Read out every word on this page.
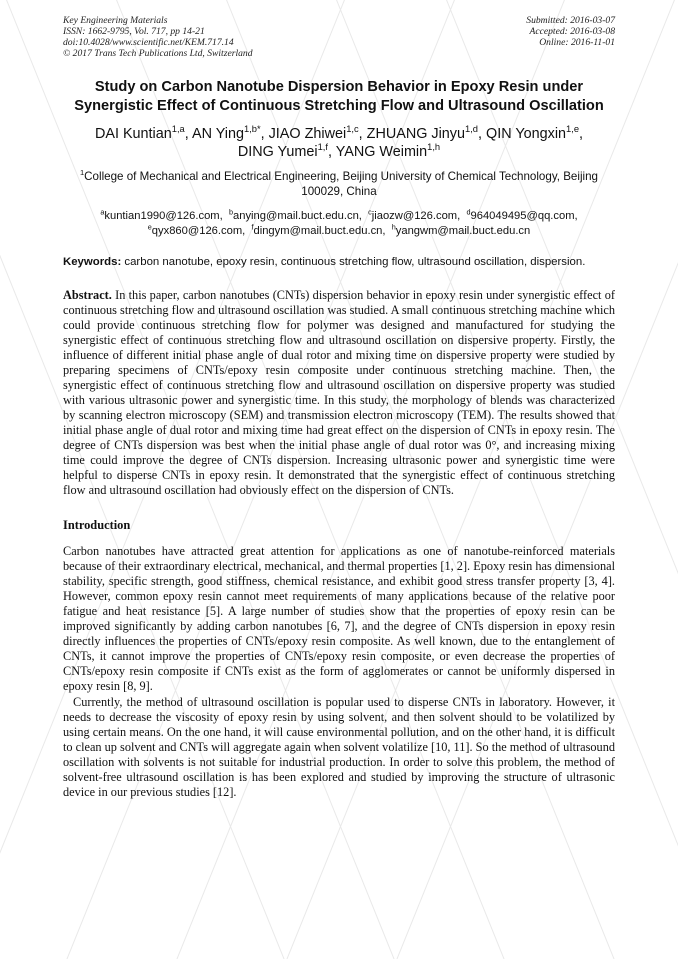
Key Engineering Materials
ISSN: 1662-9795, Vol. 717, pp 14-21
doi:10.4028/www.scientific.net/KEM.717.14
© 2017 Trans Tech Publications Ltd, Switzerland
Submitted: 2016-03-07
Accepted: 2016-03-08
Online: 2016-11-01
Study on Carbon Nanotube Dispersion Behavior in Epoxy Resin under Synergistic Effect of Continuous Stretching Flow and Ultrasound Oscillation
DAI Kuntian$^{1,a}$, AN Ying$^{1,b*}$, JIAO Zhiwei$^{1,c}$, ZHUANG Jinyu$^{1,d}$, QIN Yongxin$^{1,e}$,
DING Yumei$^{1,f}$, YANG Weimin$^{1,h}$
$^1$College of Mechanical and Electrical Engineering, Beijing University of Chemical Technology, Beijing 100029, China
$^a$kuntian1990@126.com, $^b$anying@mail.buct.edu.cn, $^c$jiaozw@126.com, $^d$964049495@qq.com,
$^e$qyx860@126.com, $^f$dingym@mail.buct.edu.cn, $^h$yangwm@mail.buct.edu.cn
Keywords: carbon nanotube, epoxy resin, continuous stretching flow, ultrasound oscillation, dispersion.
Abstract. In this paper, carbon nanotubes (CNTs) dispersion behavior in epoxy resin under synergistic effect of continuous stretching flow and ultrasound oscillation was studied. A small continuous stretching machine which could provide continuous stretching flow for polymer was designed and manufactured for studying the synergistic effect of continuous stretching flow and ultrasound oscillation on dispersive property. Firstly, the influence of different initial phase angle of dual rotor and mixing time on dispersive property were studied by preparing specimens of CNTs/epoxy resin composite under continuous stretching machine. Then, the synergistic effect of continuous stretching flow and ultrasound oscillation on dispersive property was studied with various ultrasonic power and synergistic time. In this study, the morphology of blends was characterized by scanning electron microscopy (SEM) and transmission electron microscopy (TEM). The results showed that initial phase angle of dual rotor and mixing time had great effect on the dispersion of CNTs in epoxy resin. The degree of CNTs dispersion was best when the initial phase angle of dual rotor was 0°, and increasing mixing time could improve the degree of CNTs dispersion. Increasing ultrasonic power and synergistic time were helpful to disperse CNTs in epoxy resin. It demonstrated that the synergistic effect of continuous stretching flow and ultrasound oscillation had obviously effect on the dispersion of CNTs.
Introduction
Carbon nanotubes have attracted great attention for applications as one of nanotube-reinforced materials because of their extraordinary electrical, mechanical, and thermal properties [1, 2]. Epoxy resin has dimensional stability, specific strength, good stiffness, chemical resistance, and exhibit good stress transfer property [3, 4]. However, common epoxy resin cannot meet requirements of many applications because of the relative poor fatigue and heat resistance [5]. A large number of studies show that the properties of epoxy resin can be improved significantly by adding carbon nanotubes [6, 7], and the degree of CNTs dispersion in epoxy resin directly influences the properties of CNTs/epoxy resin composite. As well known, due to the entanglement of CNTs, it cannot improve the properties of CNTs/epoxy resin composite, or even decrease the properties of CNTs/epoxy resin composite if CNTs exist as the form of agglomerates or cannot be uniformly dispersed in epoxy resin [8, 9].
Currently, the method of ultrasound oscillation is popular used to disperse CNTs in laboratory. However, it needs to decrease the viscosity of epoxy resin by using solvent, and then solvent should to be volatilized by using certain means. On the one hand, it will cause environmental pollution, and on the other hand, it is difficult to clean up solvent and CNTs will aggregate again when solvent volatilize [10, 11]. So the method of ultrasound oscillation with solvents is not suitable for industrial production. In order to solve this problem, the method of solvent-free ultrasound oscillation is has been explored and studied by improving the structure of ultrasonic device in our previous studies [12].
